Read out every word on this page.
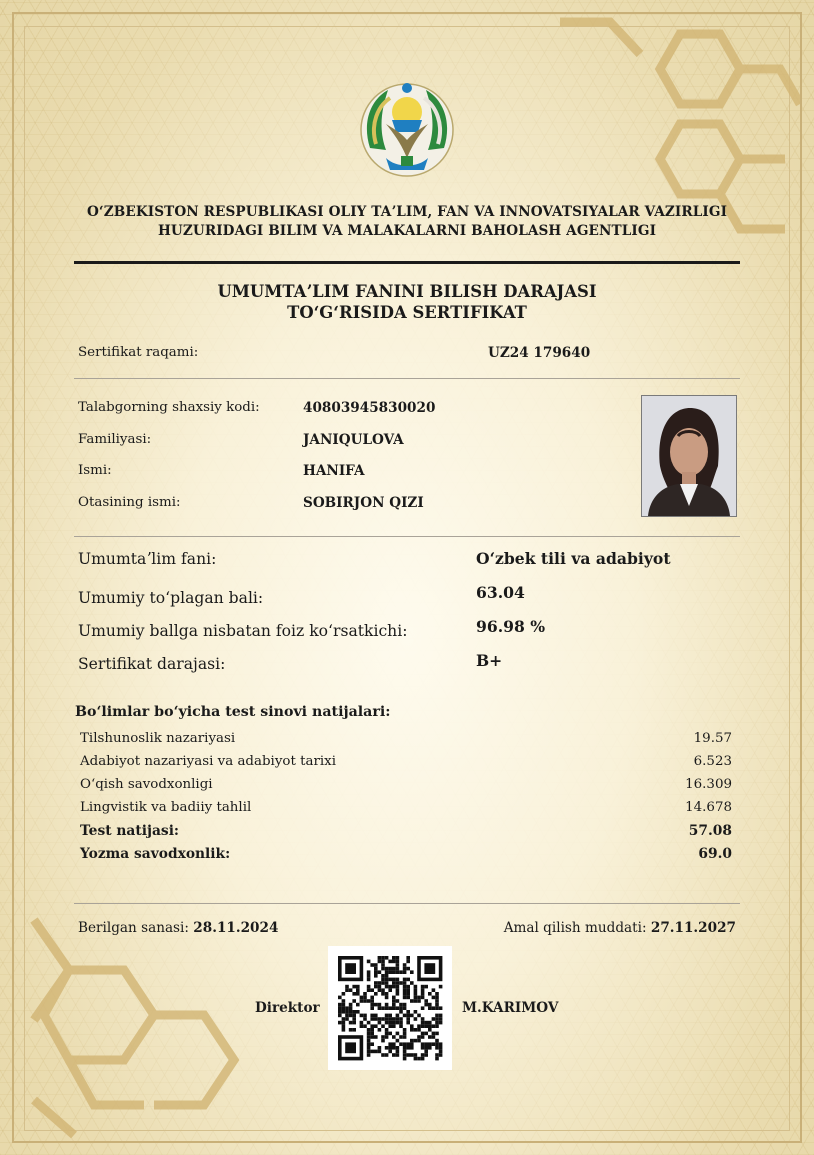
OʻZBEKISTON RESPUBLIKASI OLIY TAʼLIM, FAN VA INNOVATSIYALAR VAZIRLIGI
HUZURIDAGI BILIM VA MALAKALARNI BAHOLASH AGENTLIGI
UMUMTAʼLIM FANINI BILISH DARAJASI
TOʻGʻRISIDA SERTIFIKAT
Sertifikat raqami:	UZ24 179640
Talabgorning shaxsiy kodi:	40803945830020
Familiyasi:	JANIQULOVA
Ismi:	HANIFA
Otasining ismi:	SOBIRJON QIZI
Umumtaʼlim fani:	Oʻzbek tili va adabiyot
Umumiy toʻplagan bali:	63.04
Umumiy ballga nisbatan foiz koʻrsatkichi:	96.98 %
Sertifikat darajasi:	B+
Boʻlimlar boʻyicha test sinovi natijalari:
Tilshunoslik nazariyasi	19.57
Adabiyot nazariyasi va adabiyot tarixi	6.523
Oʻqish savodxonligi	16.309
Lingvistik va badiiy tahlil	14.678
Test natijasi:	57.08
Yozma savodxonlik:	69.0
Berilgan sanasi: 28.11.2024	Amal qilish muddati: 27.11.2027
Direktor	M.KARIMOV
